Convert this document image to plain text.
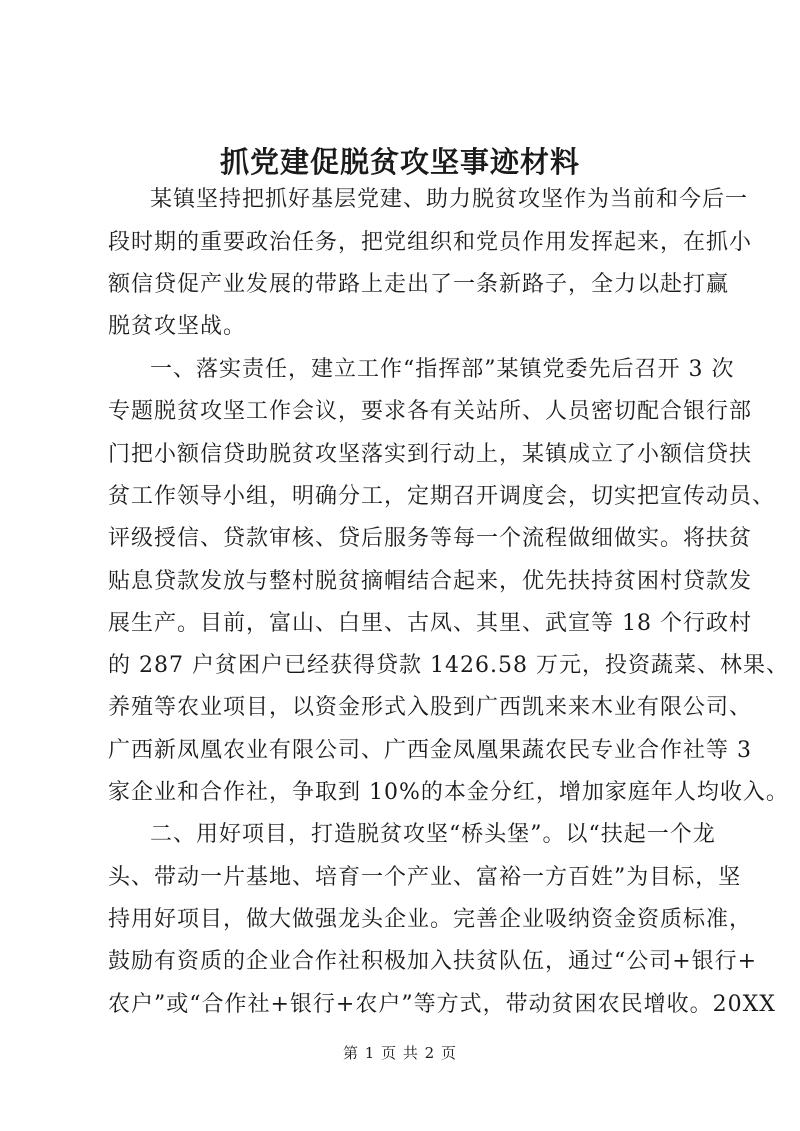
抓党建促脱贫攻坚事迹材料
某镇坚持把抓好基层党建、助力脱贫攻坚作为当前和今后一
段时期的重要政治任务，把党组织和党员作用发挥起来，在抓小
额信贷促产业发展的带路上走出了一条新路子，全力以赴打赢
脱贫攻坚战。
一、落实责任，建立工作“指挥部”某镇党委先后召开 3 次
专题脱贫攻坚工作会议，要求各有关站所、人员密切配合银行部
门把小额信贷助脱贫攻坚落实到行动上，某镇成立了小额信贷扶
贫工作领导小组，明确分工，定期召开调度会，切实把宣传动员、
评级授信、贷款审核、贷后服务等每一个流程做细做实。将扶贫
贴息贷款发放与整村脱贫摘帽结合起来，优先扶持贫困村贷款发
展生产。目前，富山、白里、古凤、其里、武宣等 18 个行政村
的 287 户贫困户已经获得贷款 1426.58 万元，投资蔬菜、林果、
养殖等农业项目，以资金形式入股到广西凯来来木业有限公司、
广西新凤凰农业有限公司、广西金凤凰果蔬农民专业合作社等 3
家企业和合作社，争取到 10%的本金分红，增加家庭年人均收入。
二、用好项目，打造脱贫攻坚“桥头堡”。以“扶起一个龙
头、带动一片基地、培育一个产业、富裕一方百姓”为目标，坚
持用好项目，做大做强龙头企业。完善企业吸纳资金资质标准，
鼓励有资质的企业合作社积极加入扶贫队伍，通过“公司+银行+
农户”或“合作社+银行+农户”等方式，带动贫困农民增收。20XX
第 1 页 共 2 页
